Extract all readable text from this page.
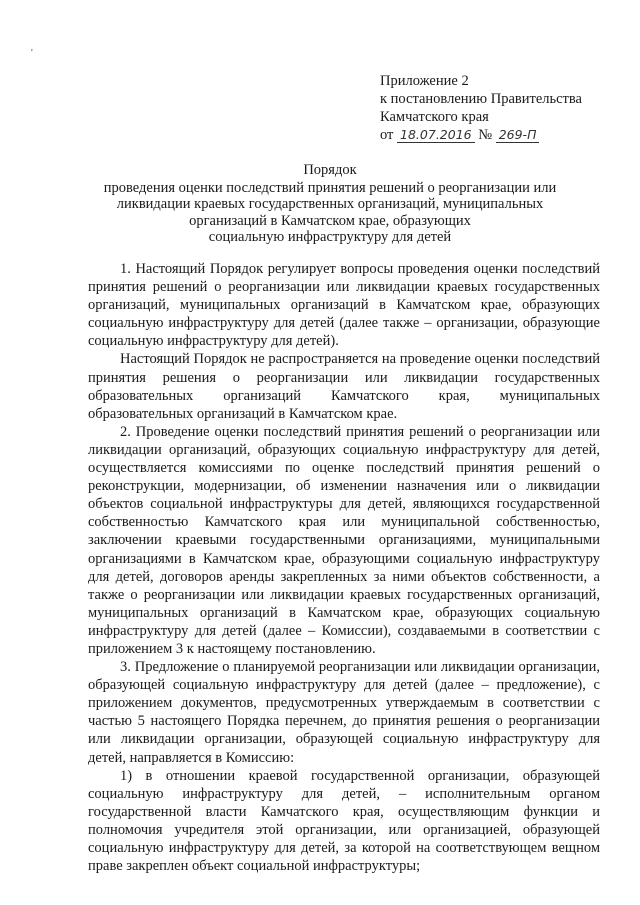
'
Приложение 2
к постановлению Правительства
Камчатского края
от 18.07.2016 № 269-П
Порядок
проведения оценки последствий принятия решений о реорганизации или
ликвидации краевых государственных организаций, муниципальных
организаций в Камчатском крае, образующих
социальную инфраструктуру для детей

1. Настоящий Порядок регулирует вопросы проведения оценки последствий принятия решений о реорганизации или ликвидации краевых государственных организаций, муниципальных организаций в Камчатском крае, образующих социальную инфраструктуру для детей (далее также – организации, образующие социальную инфраструктуру для детей).

Настоящий Порядок не распространяется на проведение оценки последствий принятия решения о реорганизации или ликвидации государственных образовательных организаций Камчатского края, муниципальных образовательных организаций в Камчатском крае.

2. Проведение оценки последствий принятия решений о реорганизации или ликвидации организаций, образующих социальную инфраструктуру для детей, осуществляется комиссиями по оценке последствий принятия решений о реконструкции, модернизации, об изменении назначения или о ликвидации объектов социальной инфраструктуры для детей, являющихся государственной собственностью Камчатского края или муниципальной собственностью, заключении краевыми государственными организациями, муниципальными организациями в Камчатском крае, образующими социальную инфраструктуру для детей, договоров аренды закрепленных за ними объектов собственности, а также о реорганизации или ликвидации краевых государственных организаций, муниципальных организаций в Камчатском крае, образующих социальную инфраструктуру для детей (далее – Комиссии), создаваемыми в соответствии с приложением 3 к настоящему постановлению.

3. Предложение о планируемой реорганизации или ликвидации организации, образующей социальную инфраструктуру для детей (далее – предложение), с приложением документов, предусмотренных утверждаемым в соответствии с частью 5 настоящего Порядка перечнем, до принятия решения о реорганизации или ликвидации организации, образующей социальную инфраструктуру для детей, направляется в Комиссию:

1) в отношении краевой государственной организации, образующей социальную инфраструктуру для детей, – исполнительным органом государственной власти Камчатского края, осуществляющим функции и полномочия учредителя этой организации, или организацией, образующей социальную инфраструктуру для детей, за которой на соответствующем вещном праве закреплен объект социальной инфраструктуры;
